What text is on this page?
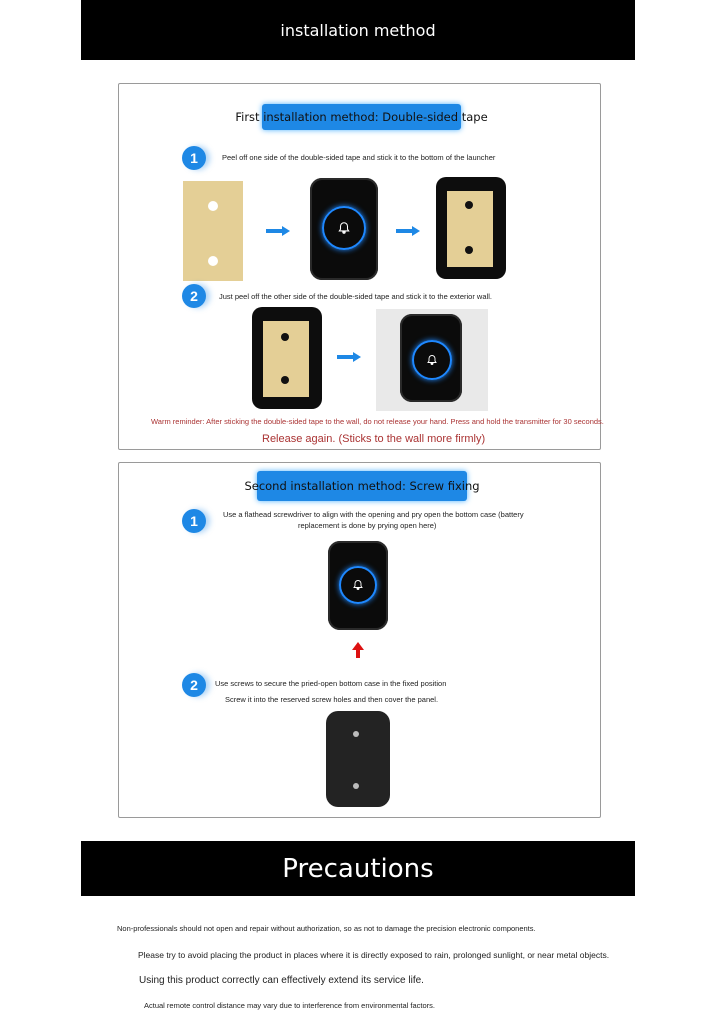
installation method
First installation method: Double-sided tape
1	Peel off one side of the double-sided tape and stick it to the bottom of the launcher
2	Just peel off the other side of the double-sided tape and stick it to the exterior wall.
Warm reminder: After sticking the double-sided tape to the wall, do not release your hand. Press and hold the transmitter for 30 seconds.
Release again. (Sticks to the wall more firmly)
Second installation method: Screw fixing
1	Use a flathead screwdriver to align with the opening and pry open the bottom case (battery
replacement is done by prying open here)
2 Use screws to secure the pried-open bottom case in the fixed position
Screw it into the reserved screw holes and then cover the panel.
Precautions
Non-professionals should not open and repair without authorization, so as not to damage the precision electronic components.
Please try to avoid placing the product in places where it is directly exposed to rain, prolonged sunlight, or near metal objects.
Using this product correctly can effectively extend its service life.
Actual remote control distance may vary due to interference from environmental factors.
